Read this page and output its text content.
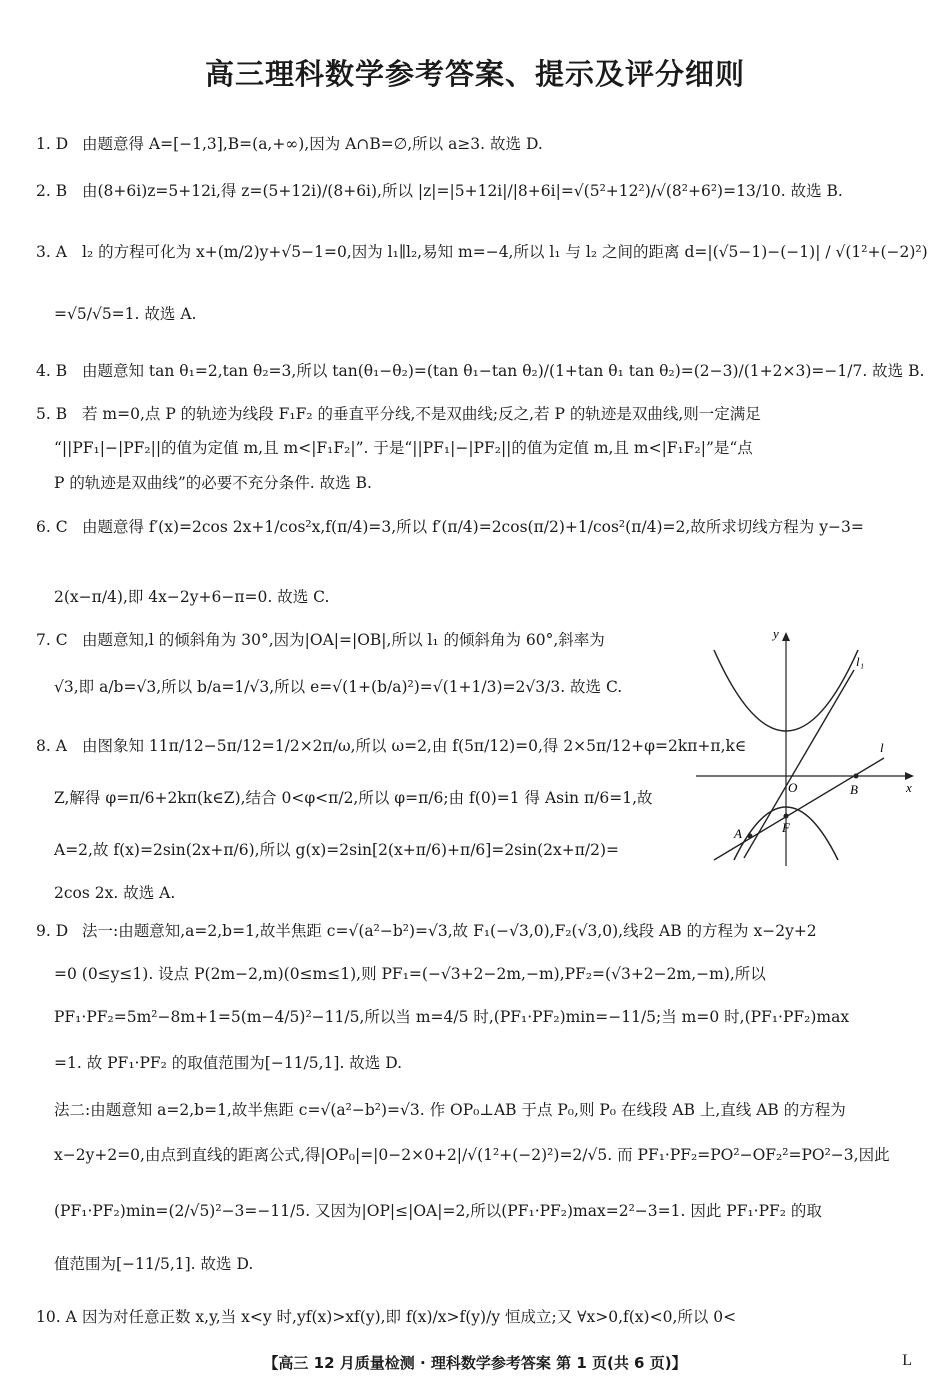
高三理科数学参考答案、提示及评分细则
1. D 由题意得 A=[−1,3],B=(a,+∞),因为 A∩B=∅,所以 a≥3. 故选 D.
2. B 由(8+6i)z=5+12i,得 z=(5+12i)/(8+6i),所以 |z|=|5+12i|/|8+6i|=√(5²+12²)/√(8²+6²)=13/10. 故选 B.
3. A l₂ 的方程可化为 x+(m/2)y+√5−1=0,因为 l₁∥l₂,易知 m=−4,所以 l₁ 与 l₂ 之间的距离 d=|(√5−1)−(−1)| / √(1²+(−2)²)
=√5/√5=1. 故选 A.
4. B 由题意知 tan θ₁=2,tan θ₂=3,所以 tan(θ₁−θ₂)=(tan θ₁−tan θ₂)/(1+tan θ₁ tan θ₂)=(2−3)/(1+2×3)=−1/7. 故选 B.
5. B 若 m=0,点 P 的轨迹为线段 F₁F₂ 的垂直平分线,不是双曲线;反之,若 P 的轨迹是双曲线,则一定满足
“||PF₁|−|PF₂||的值为定值 m,且 m<|F₁F₂|”. 于是“||PF₁|−|PF₂||的值为定值 m,且 m<|F₁F₂|”是“点
P 的轨迹是双曲线”的必要不充分条件. 故选 B.
6. C 由题意得 f′(x)=2cos 2x+1/cos²x,f(π/4)=3,所以 f′(π/4)=2cos(π/2)+1/cos²(π/4)=2,故所求切线方程为 y−3=
2(x−π/4),即 4x−2y+6−π=0. 故选 C.
7. C 由题意知,l 的倾斜角为 30°,因为|OA|=|OB|,所以 l₁ 的倾斜角为 60°,斜率为
√3,即 a/b=√3,所以 b/a=1/√3,所以 e=√(1+(b/a)²)=√(1+1/3)=2√3/3. 故选 C.
8. A 由图象知 11π/12−5π/12=1/2×2π/ω,所以 ω=2,由 f(5π/12)=0,得 2×5π/12+φ=2kπ+π,k∈
Z,解得 φ=π/6+2kπ(k∈Z),结合 0<φ<π/2,所以 φ=π/6;由 f(0)=1 得 Asin π/6=1,故
A=2,故 f(x)=2sin(2x+π/6),所以 g(x)=2sin[2(x+π/6)+π/6]=2sin(2x+π/2)=
2cos 2x. 故选 A.
9. D 法一:由题意知,a=2,b=1,故半焦距 c=√(a²−b²)=√3,故 F₁(−√3,0),F₂(√3,0),线段 AB 的方程为 x−2y+2
=0 (0≤y≤1). 设点 P(2m−2,m)(0≤m≤1),则 PF₁=(−√3+2−2m,−m),PF₂=(√3+2−2m,−m),所以
PF₁·PF₂=5m²−8m+1=5(m−4/5)²−11/5,所以当 m=4/5 时,(PF₁·PF₂)min=−11/5;当 m=0 时,(PF₁·PF₂)max
=1. 故 PF₁·PF₂ 的取值范围为[−11/5,1]. 故选 D.
法二:由题意知 a=2,b=1,故半焦距 c=√(a²−b²)=√3. 作 OP₀⊥AB 于点 P₀,则 P₀ 在线段 AB 上,直线 AB 的方程为
x−2y+2=0,由点到直线的距离公式,得|OP₀|=|0−2×0+2|/√(1²+(−2)²)=2/√5. 而 PF₁·PF₂=PO²−OF₂²=PO²−3,因此
(PF₁·PF₂)min=(2/√5)²−3=−11/5. 又因为|OP|≤|OA|=2,所以(PF₁·PF₂)max=2²−3=1. 因此 PF₁·PF₂ 的取
值范围为[−11/5,1]. 故选 D.
10. A 因为对任意正数 x,y,当 x<y 时,yf(x)>xf(y),即 f(x)/x>f(y)/y 恒成立;又 ∀x>0,f(x)<0,所以 0<
y
x
l₁
l
O	B
A	F
【高三 12 月质量检测 · 理科数学参考答案 第 1 页(共 6 页)】	L
